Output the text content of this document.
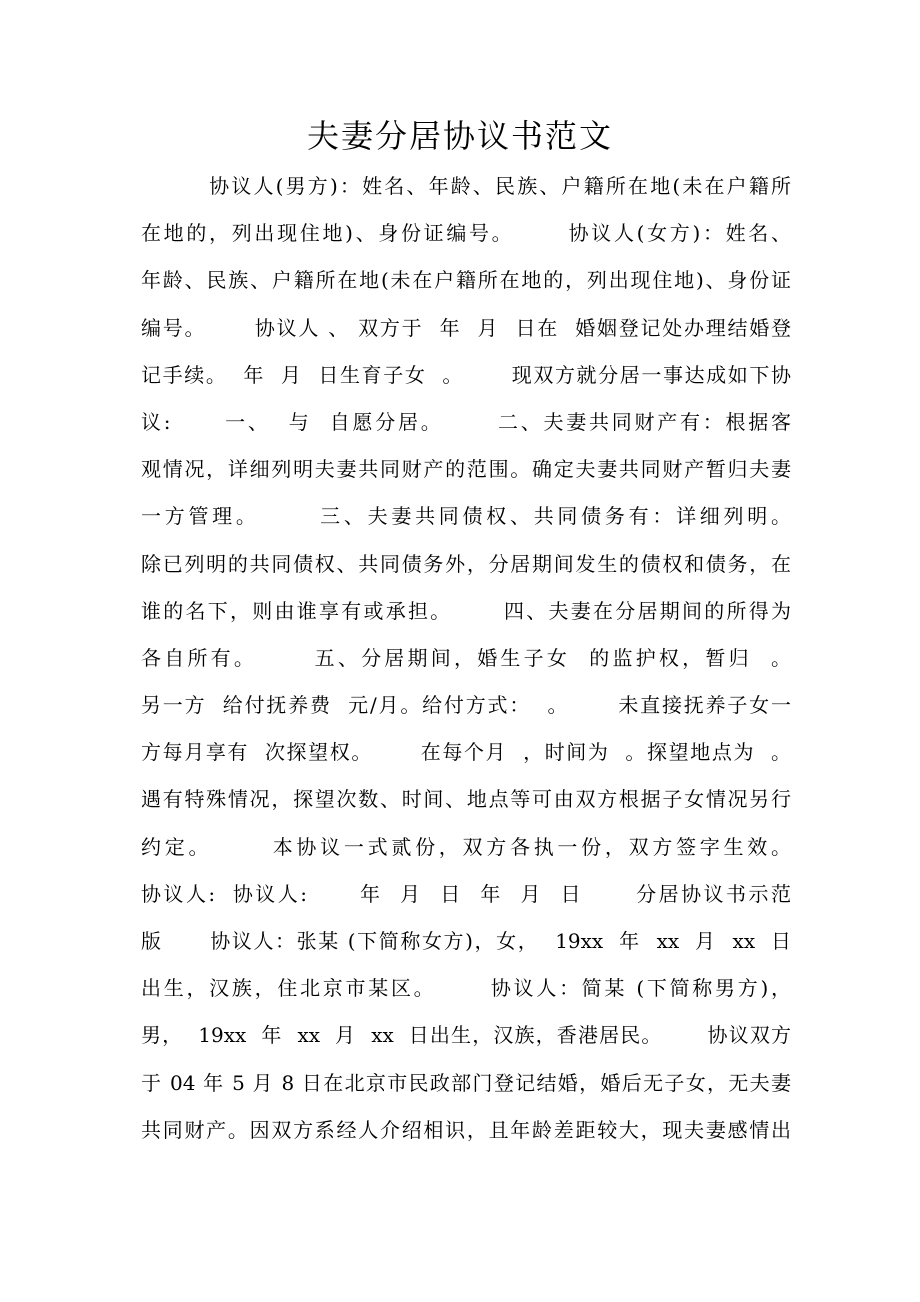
夫妻分居协议书范文
协议人(男方)：姓名、年龄、民族、户籍所在地(未在户籍所
在地的，列出现住地)、身份证编号。      协议人(女方)：姓名、
年龄、民族、户籍所在地(未在户籍所在地的，列出现住地)、身份证
编号。      协议人 、 双方于  年  月  日在  婚姻登记处办理结婚登
记手续。  年  月  日生育子女  。      现双方就分居一事达成如下协
议:      一、  与  自愿分居。      二、夫妻共同财产有：根据客
观情况，详细列明夫妻共同财产的范围。确定夫妻共同财产暂归夫妻
一方管理。      三、夫妻共同债权、共同债务有：详细列明。
除已列明的共同债权、共同债务外，分居期间发生的债权和债务，在
谁的名下，则由谁享有或承担。      四、夫妻在分居期间的所得为
各自所有。      五、分居期间，婚生子女  的监护权，暂归  。
另一方  给付抚养费  元/月。给付方式：  。      未直接抚养子女一
方每月享有  次探望权。      在每个月  ，时间为  。探望地点为  。
遇有特殊情况，探望次数、时间、地点等可由双方根据子女情况另行
约定。      本协议一式贰份，双方各执一份，双方签字生效。
协议人:  协议人:      年  月  日  年  月  日      分居协议书示范
版      协议人：张某 (下简称女方)，女，  19xx  年  xx  月  xx  日
出生，汉族，住北京市某区。      协议人：简某 (下简称男方)，
男，  19xx  年  xx  月  xx  日出生，汉族，香港居民。      协议双方
于 04 年 5 月 8 日在北京市民政部门登记结婚，婚后无子女，无夫妻
共同财产。因双方系经人介绍相识，且年龄差距较大，现夫妻感情出
